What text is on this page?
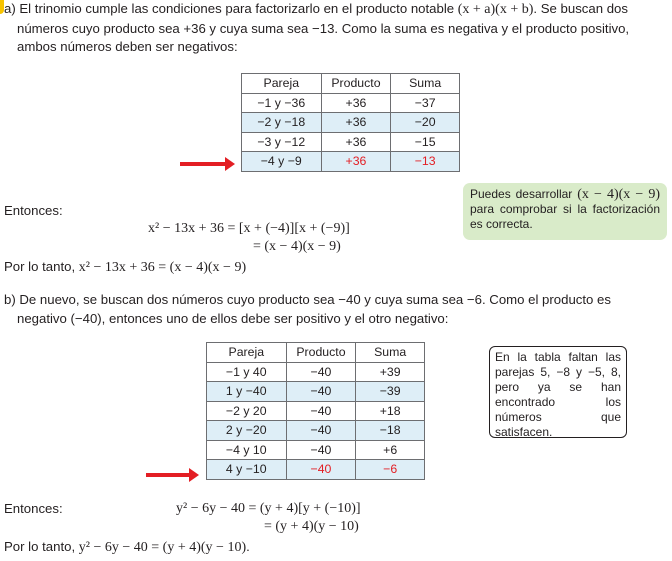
a) El trinomio cumple las condiciones para factorizarlo en el producto notable (x + a)(x + b). Se buscan dos números cuyo producto sea +36 y cuya suma sea −13. Como la suma es negativa y el producto positivo, ambos números deben ser negativos:

Pareja	Producto	Suma
−1 y −36	+36	−37
−2 y −18	+36	−20
−3 y −12	+36	−15
−4 y −9	+36	−13
Entonces:
x² − 13x + 36 = [x + (−4)][x + (−9)]
= (x − 4)(x − 9)
Por lo tanto, x² − 13x + 36 = (x − 4)(x − 9)
Puedes desarrollar (x − 4)(x − 9) para comprobar si la factorización es correcta.

b) De nuevo, se buscan dos números cuyo producto sea −40 y cuya suma sea −6. Como el producto es negativo (−40), entonces uno de ellos debe ser positivo y el otro negativo:

Pareja	Producto	Suma
−1 y 40	−40	+39
1 y −40	−40	−39
−2 y 20	−40	+18
2 y −20	−40	−18
−4 y 10	−40	+6
4 y −10	−40	−6
En la tabla faltan las parejas 5, −8 y −5, 8, pero ya se han encontrado los números que satisfacen.
Entonces:	y² − 6y − 40 = (y + 4)[y + (−10)]
= (y + 4)(y − 10)
Por lo tanto, y² − 6y − 40 = (y + 4)(y − 10).
